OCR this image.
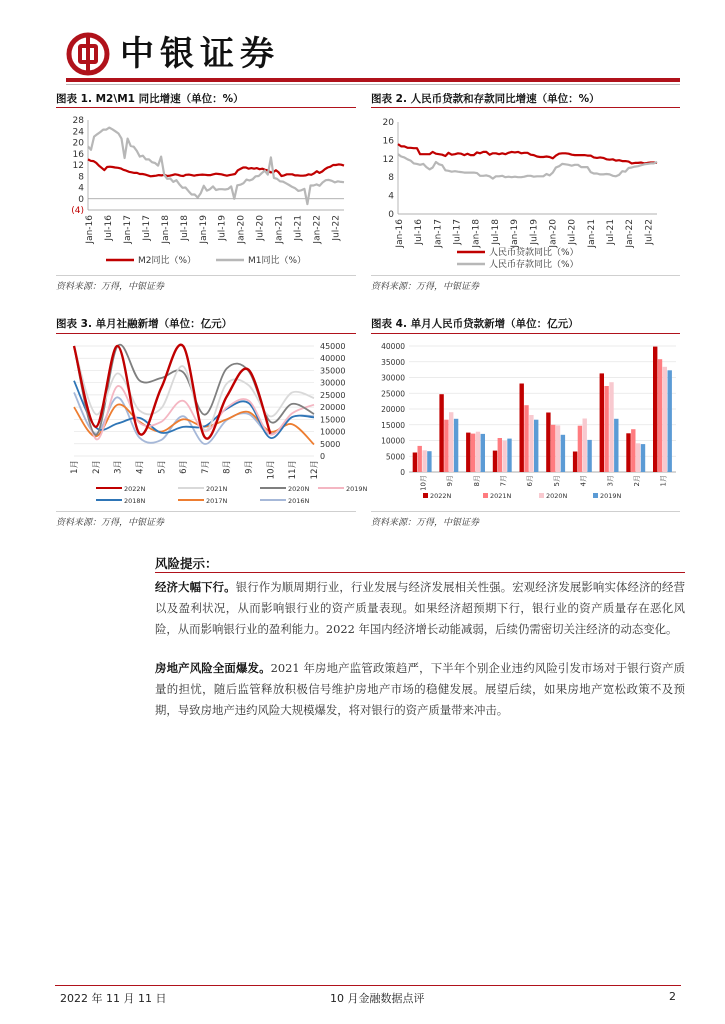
中银证券
图表 1. M2\M1 同比增速（单位：%）	图表 2. 人民币贷款和存款同比增速（单位：%）
资料来源：万得，中银证券	资料来源：万得，中银证券
图表 3. 单月社融新增（单位：亿元）	图表 4. 单月人民币贷款新增（单位：亿元）
资料来源：万得，中银证券	资料来源：万得，中银证券
28
24
20
16
12
8
4
0
(4)
Jan-16 Jul-16 Jan-17 Jul-17 Jan-18 Jul-18 Jan-19 Jul-19 Jan-20 Jul-20 Jan-21 Jul-21 Jan-22 Jul-22
M2同比（%）	M1同比（%）
20
16
12
8
4
0
Jan-16 Jul-16 Jan-17 Jul-17 Jan-18 Jul-18 Jan-19 Jul-19 Jan-20 Jul-20 Jan-21 Jul-21 Jan-22 Jul-22
人民币贷款同比（%）
人民币存款同比（%）
45000
40000
35000
30000
25000
20000
15000
10000
5000
0
1月 2月 3月 4月 5月 6月 7月 8月 9月 10月 11月 12月
2022N	2021N	2020N	2019N
2018N	2017N	2016N
40000
35000
30000
25000
20000
15000
10000
5000
0
1月
2月
3月
4月
5月
6月
7月
8月
9月
10月
2022N	2021N	2020N	2019N
风险提示：
经济大幅下行。银行作为顺周期行业，行业发展与经济发展相关性强。宏观经济发展影响实体经济的经营以及盈利状况，从而影响银行业的资产质量表现。如果经济超预期下行，银行业的资产质量存在恶化风险，从而影响银行业的盈利能力。2022 年国内经济增长动能减弱，后续仍需密切关注经济的动态变化。
房地产风险全面爆发。2021 年房地产监管政策趋严，下半年个别企业违约风险引发市场对于银行资产质量的担忧，随后监管释放积极信号维护房地产市场的稳健发展。展望后续，如果房地产宽松政策不及预期，导致房地产违约风险大规模爆发，将对银行的资产质量带来冲击。
2022 年 11 月 11 日	10 月金融数据点评	2
